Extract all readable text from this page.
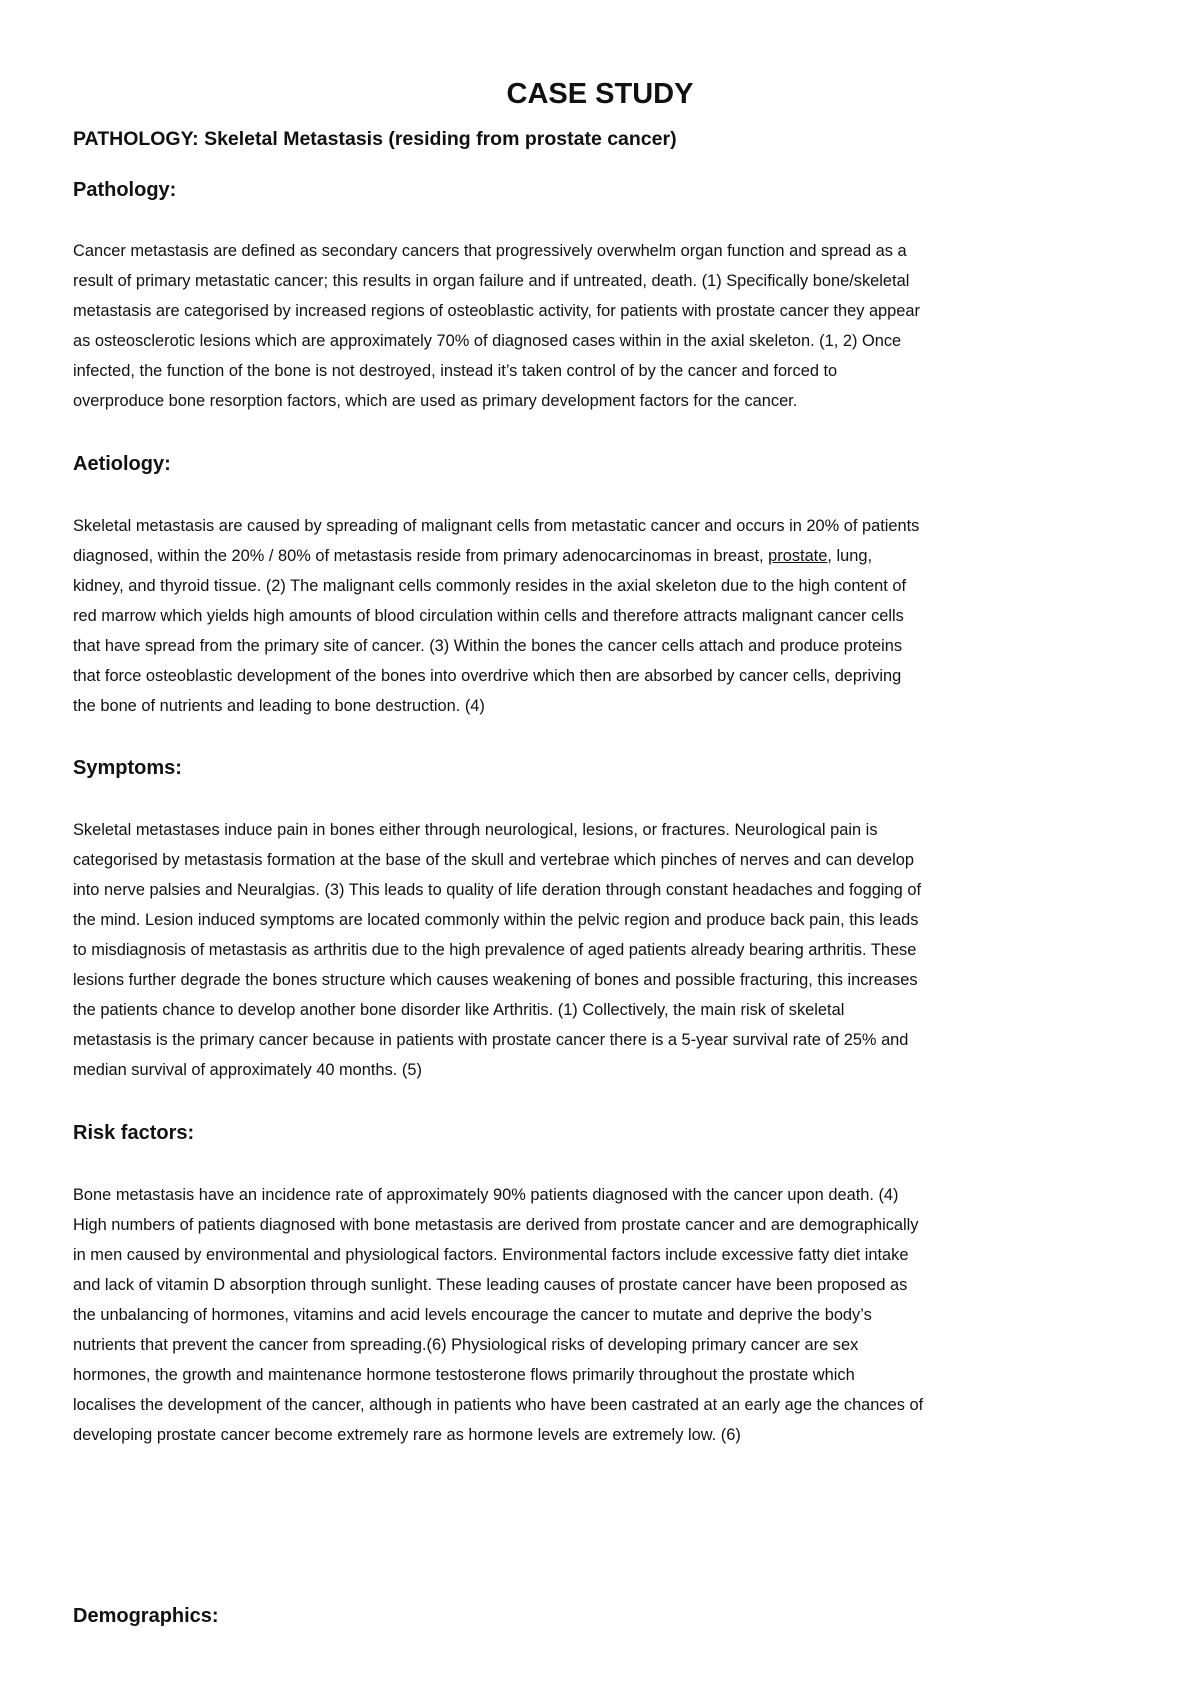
CASE STUDY

PATHOLOGY: Skeletal Metastasis (residing from prostate cancer)

Pathology:
Cancer metastasis are defined as secondary cancers that progressively overwhelm organ function and spread as a
result of primary metastatic cancer; this results in organ failure and if untreated, death. (1) Specifically bone/skeletal
metastasis are categorised by increased regions of osteoblastic activity, for patients with prostate cancer they appear
as osteosclerotic lesions which are approximately 70% of diagnosed cases within in the axial skeleton. (1, 2) Once
infected, the function of the bone is not destroyed, instead it’s taken control of by the cancer and forced to
overproduce bone resorption factors, which are used as primary development factors for the cancer.
Aetiology:
Skeletal metastasis are caused by spreading of malignant cells from metastatic cancer and occurs in 20% of patients
diagnosed, within the 20% / 80% of metastasis reside from primary adenocarcinomas in breast, prostate, lung,
kidney, and thyroid tissue. (2) The malignant cells commonly resides in the axial skeleton due to the high content of
red marrow which yields high amounts of blood circulation within cells and therefore attracts malignant cancer cells
that have spread from the primary site of cancer. (3) Within the bones the cancer cells attach and produce proteins
that force osteoblastic development of the bones into overdrive which then are absorbed by cancer cells, depriving
the bone of nutrients and leading to bone destruction. (4)
Symptoms:
Skeletal metastases induce pain in bones either through neurological, lesions, or fractures. Neurological pain is
categorised by metastasis formation at the base of the skull and vertebrae which pinches of nerves and can develop
into nerve palsies and Neuralgias. (3) This leads to quality of life deration through constant headaches and fogging of
the mind. Lesion induced symptoms are located commonly within the pelvic region and produce back pain, this leads
to misdiagnosis of metastasis as arthritis due to the high prevalence of aged patients already bearing arthritis. These
lesions further degrade the bones structure which causes weakening of bones and possible fracturing, this increases
the patients chance to develop another bone disorder like Arthritis. (1) Collectively, the main risk of skeletal
metastasis is the primary cancer because in patients with prostate cancer there is a 5-year survival rate of 25% and
median survival of approximately 40 months. (5)
Risk factors:
Bone metastasis have an incidence rate of approximately 90% patients diagnosed with the cancer upon death. (4)
High numbers of patients diagnosed with bone metastasis are derived from prostate cancer and are demographically
in men caused by environmental and physiological factors. Environmental factors include excessive fatty diet intake
and lack of vitamin D absorption through sunlight. These leading causes of prostate cancer have been proposed as
the unbalancing of hormones, vitamins and acid levels encourage the cancer to mutate and deprive the body’s
nutrients that prevent the cancer from spreading.(6) Physiological risks of developing primary cancer are sex
hormones, the growth and maintenance hormone testosterone flows primarily throughout the prostate which
localises the development of the cancer, although in patients who have been castrated at an early age the chances of
developing prostate cancer become extremely rare as hormone levels are extremely low. (6)
Demographics:
